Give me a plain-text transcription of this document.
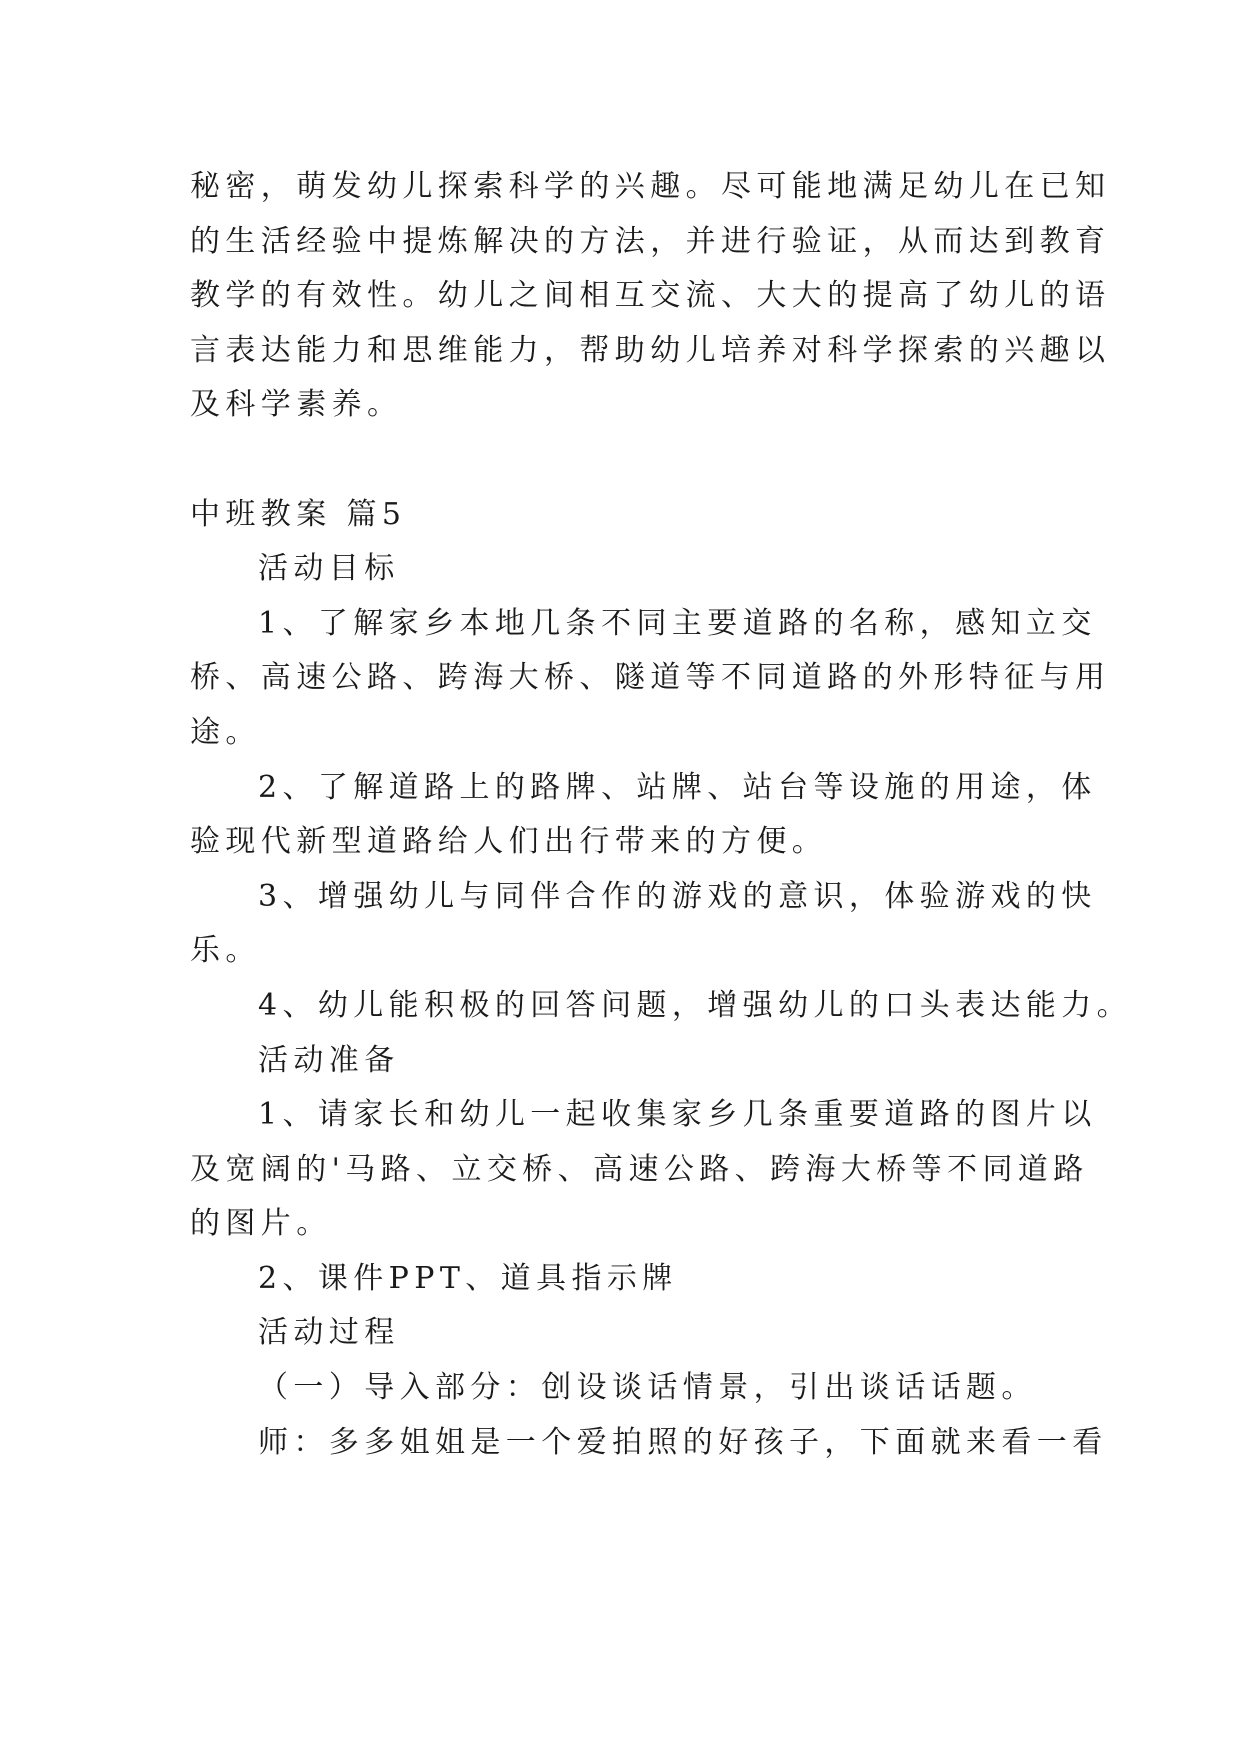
秘密，萌发幼儿探索科学的兴趣。尽可能地满足幼儿在已知
的生活经验中提炼解决的方法，并进行验证，从而达到教育
教学的有效性。幼儿之间相互交流、大大的提高了幼儿的语
言表达能力和思维能力，帮助幼儿培养对科学探索的兴趣以
及科学素养。
中班教案 篇5
活动目标
1、了解家乡本地几条不同主要道路的名称，感知立交
桥、高速公路、跨海大桥、隧道等不同道路的外形特征与用
途。
2、了解道路上的路牌、站牌、站台等设施的用途，体
验现代新型道路给人们出行带来的方便。
3、增强幼儿与同伴合作的游戏的意识，体验游戏的快
乐。
4、幼儿能积极的回答问题，增强幼儿的口头表达能力。
活动准备
1、请家长和幼儿一起收集家乡几条重要道路的图片以
及宽阔的'马路、立交桥、高速公路、跨海大桥等不同道路
的图片。
2、课件PPT、道具指示牌
活动过程
（一）导入部分：创设谈话情景，引出谈话话题。
师：多多姐姐是一个爱拍照的好孩子，下面就来看一看
